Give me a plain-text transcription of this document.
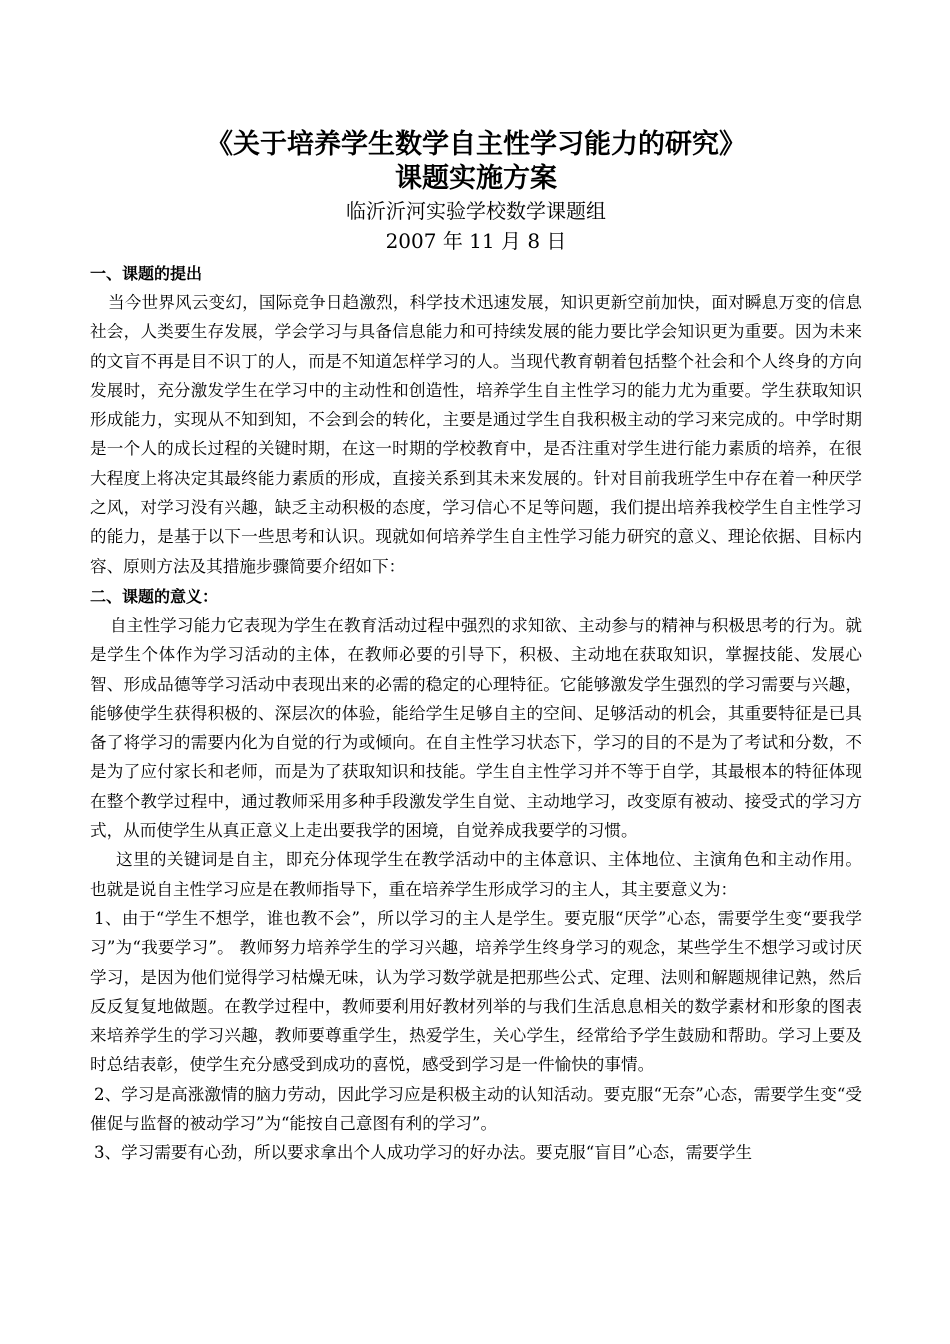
《关于培养学生数学自主性学习能力的研究》
课题实施方案
临沂沂河实验学校数学课题组
2007 年 11 月 8 日
一、课题的提出

当今世界风云变幻，国际竞争日趋激烈，科学技术迅速发展，知识更新空前加快，面对瞬息万变的信息社会，人类要生存发展，学会学习与具备信息能力和可持续发展的能力要比学会知识更为重要。因为未来的文盲不再是目不识丁的人，而是不知道怎样学习的人。当现代教育朝着包括整个社会和个人终身的方向发展时，充分激发学生在学习中的主动性和创造性，培养学生自主性学习的能力尤为重要。学生获取知识形成能力，实现从不知到知，不会到会的转化，主要是通过学生自我积极主动的学习来完成的。中学时期是一个人的成长过程的关键时期，在这一时期的学校教育中，是否注重对学生进行能力素质的培养，在很大程度上将决定其最终能力素质的形成，直接关系到其未来发展的。针对目前我班学生中存在着一种厌学之风，对学习没有兴趣，缺乏主动积极的态度，学习信心不足等问题，我们提出培养我校学生自主性学习的能力，是基于以下一些思考和认识。现就如何培养学生自主性学习能力研究的意义、理论依据、目标内容、原则方法及其措施步骤简要介绍如下：

二、课题的意义：

自主性学习能力它表现为学生在教育活动过程中强烈的求知欲、主动参与的精神与积极思考的行为。就是学生个体作为学习活动的主体，在教师必要的引导下，积极、主动地在获取知识，掌握技能、发展心智、形成品德等学习活动中表现出来的必需的稳定的心理特征。它能够激发学生强烈的学习需要与兴趣，能够使学生获得积极的、深层次的体验，能给学生足够自主的空间、足够活动的机会，其重要特征是已具备了将学习的需要内化为自觉的行为或倾向。在自主性学习状态下，学习的目的不是为了考试和分数，不是为了应付家长和老师，而是为了获取知识和技能。学生自主性学习并不等于自学，其最根本的特征体现在整个教学过程中，通过教师采用多种手段激发学生自觉、主动地学习，改变原有被动、接受式的学习方式，从而使学生从真正意义上走出要我学的困境，自觉养成我要学的习惯。

这里的关键词是自主，即充分体现学生在教学活动中的主体意识、主体地位、主演角色和主动作用。也就是说自主性学习应是在教师指导下，重在培养学生形成学习的主人，其主要意义为：

1、由于“学生不想学，谁也教不会”，所以学习的主人是学生。要克服“厌学”心态，需要学生变“要我学习”为“我要学习”。 教师努力培养学生的学习兴趣，培养学生终身学习的观念，某些学生不想学习或讨厌学习，是因为他们觉得学习枯燥无味，认为学习数学就是把那些公式、定理、法则和解题规律记熟，然后反反复复地做题。在教学过程中，教师要利用好教材列举的与我们生活息息相关的数学素材和形象的图表来培养学生的学习兴趣，教师要尊重学生，热爱学生，关心学生，经常给予学生鼓励和帮助。学习上要及时总结表彰，使学生充分感受到成功的喜悦，感受到学习是一件愉快的事情。

2、学习是高涨激情的脑力劳动，因此学习应是积极主动的认知活动。要克服“无奈”心态，需要学生变“受催促与监督的被动学习”为“能按自己意图有利的学习”。

3、学习需要有心劲，所以要求拿出个人成功学习的好办法。要克服“盲目”心态，需要学生
